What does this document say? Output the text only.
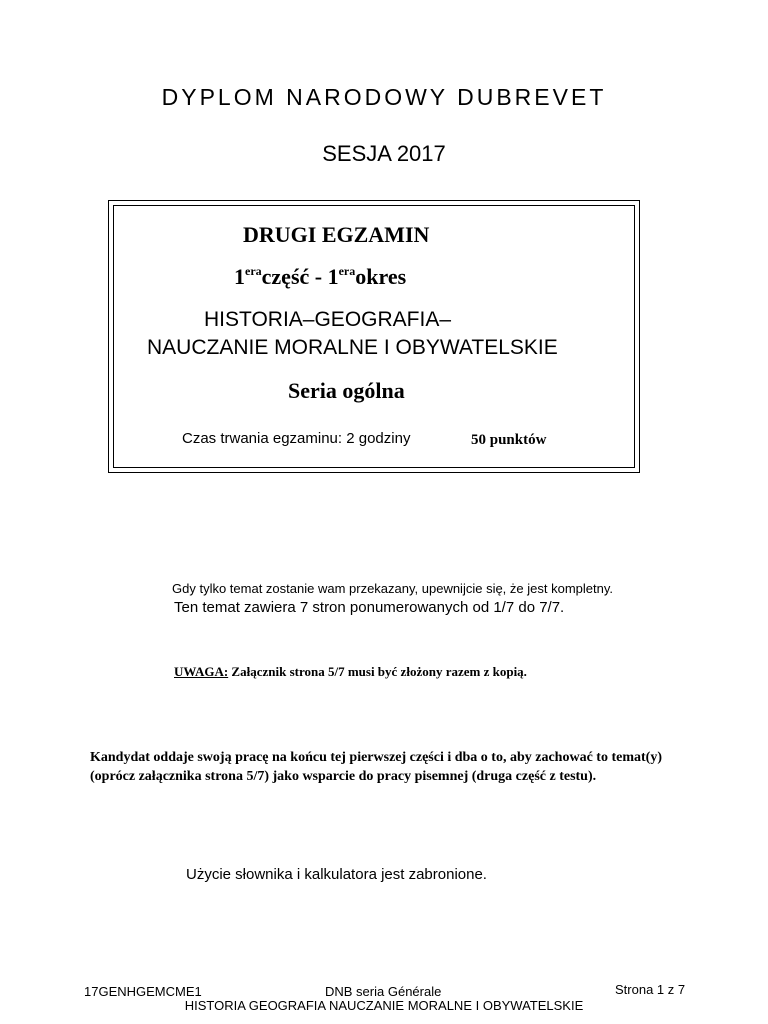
DYPLOM NARODOWY DUBREVET
SESJA 2017
DRUGI EGZAMIN
$1^{era}część$ - $1^{era}okres$
HISTORIA–GEOGRAFIA–
NAUCZANIE MORALNE I OBYWATELSKIE
Seria ogólna
Czas trwania egzaminu: 2 godziny	50 punktów
Gdy tylko temat zostanie wam przekazany, upewnijcie się, że jest kompletny.
Ten temat zawiera 7 stron ponumerowanych od 1/7 do 7/7.
UWAGA: Załącznik strona 5/7 musi być złożony razem z kopią.
Kandydat oddaje swoją pracę na końcu tej pierwszej części i dba o to, aby zachować to temat(y) (oprócz załącznika strona 5/7) jako wsparcie do pracy pisemnej (druga część z testu).
Użycie słownika i kalkulatora jest zabronione.
17GENHGEMCME1	DNB seria Générale	Strona 1 z 7
HISTORIA GEOGRAFIA NAUCZANIE MORALNE I OBYWATELSKIE
